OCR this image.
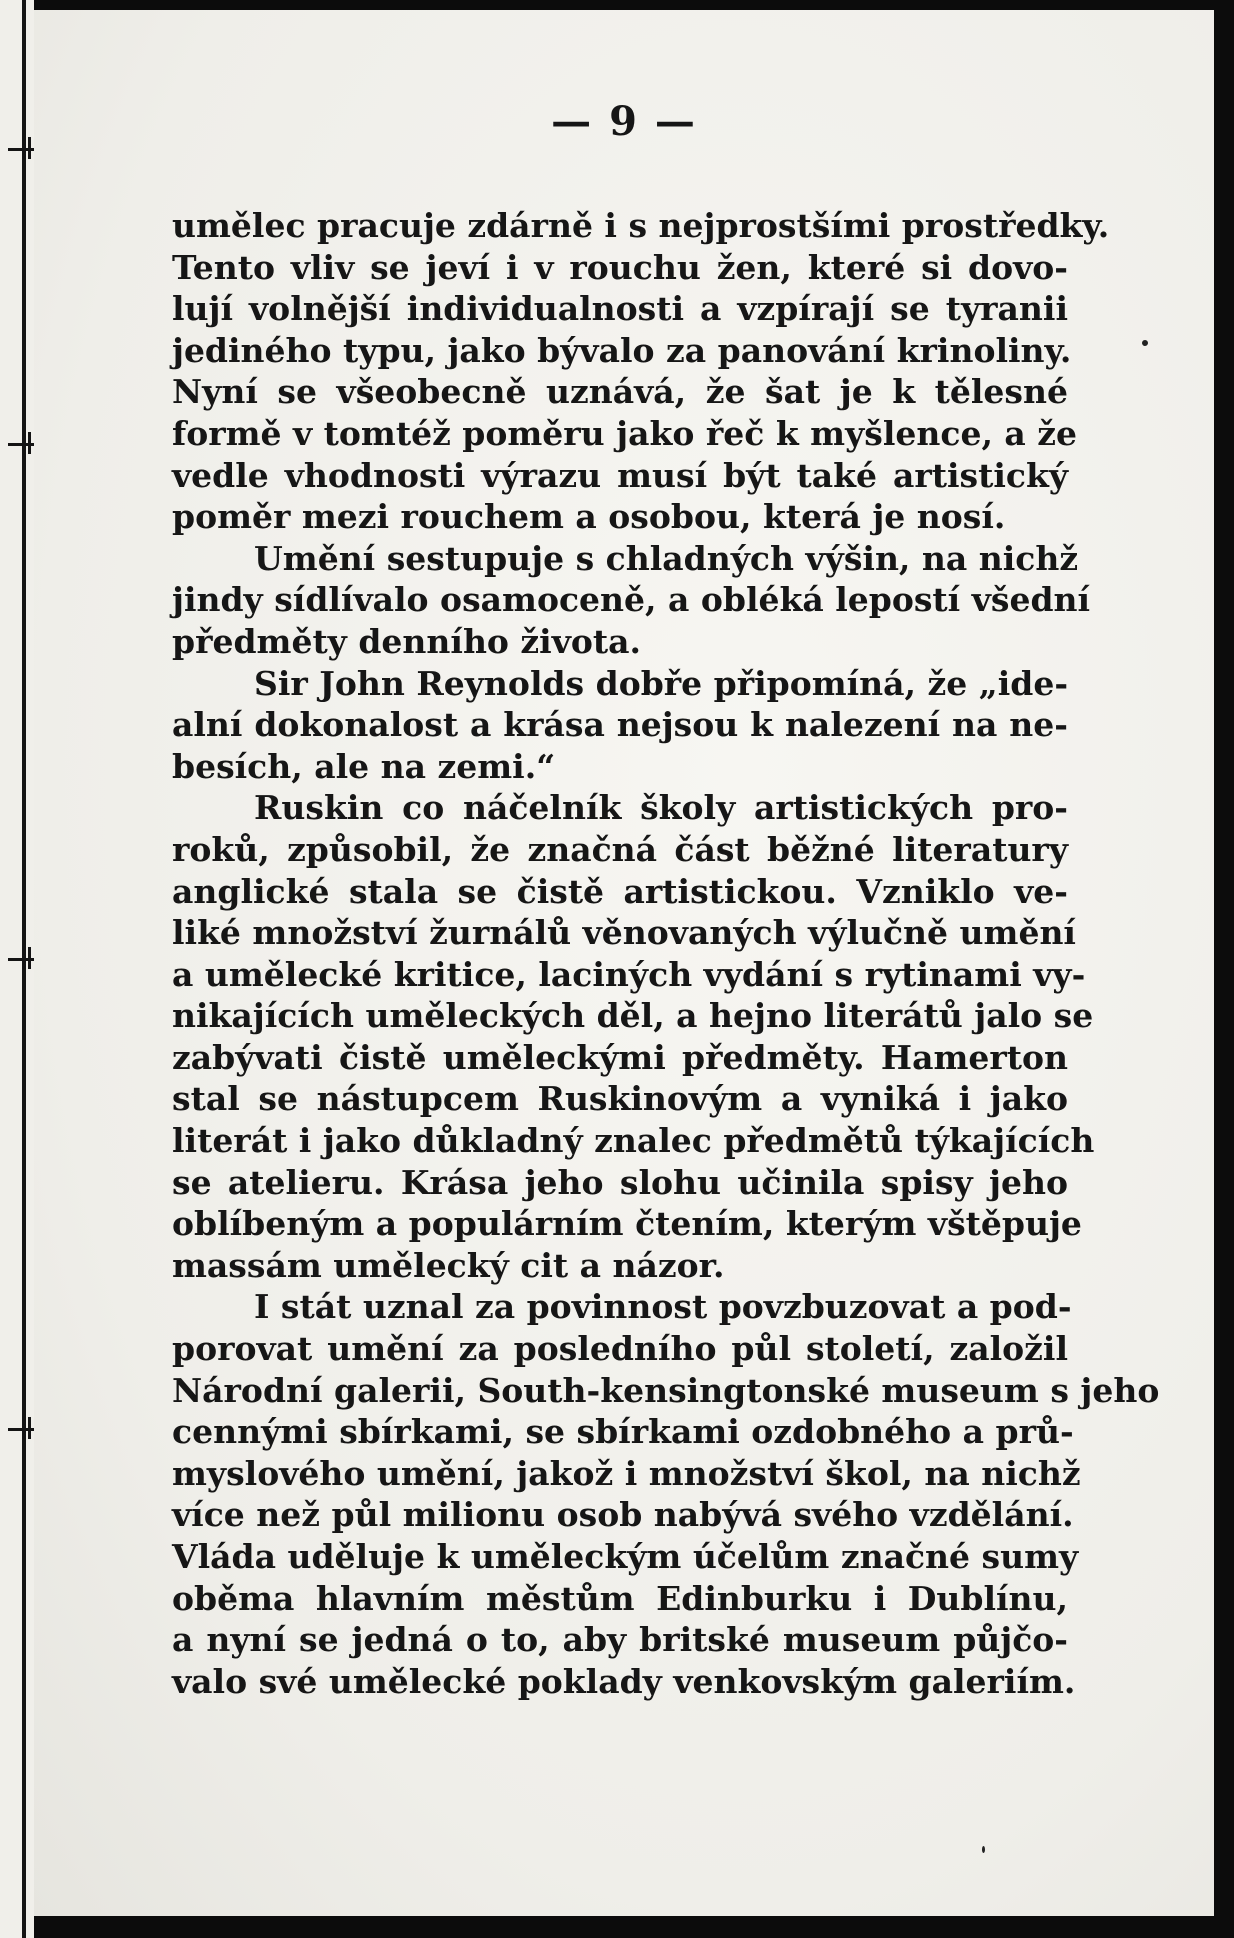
— 9 —
umělec pracuje zdárně i s nejprostšími prostředky.
Tento vliv se jeví i v rouchu žen, které si dovo-
lují volnější individualnosti a vzpírají se tyranii
jediného typu, jako bývalo za panování krinoliny.
Nyní se všeobecně uznává, že šat je k tělesné
formě v tomtéž poměru jako řeč k myšlence, a že
vedle vhodnosti výrazu musí být také artistický
poměr mezi rouchem a osobou, která je nosí.
Umění sestupuje s chladných výšin, na nichž
jindy sídlívalo osamoceně, a obléká lepostí všední
předměty denního života.
Sir John Reynolds dobře připomíná, že „ide-
alní dokonalost a krása nejsou k nalezení na ne-
besích, ale na zemi.“
Ruskin co náčelník školy artistických pro-
roků, způsobil, že značná část běžné literatury
anglické stala se čistě artistickou. Vzniklo ve-
liké množství žurnálů věnovaných výlučně umění
a umělecké kritice, laciných vydání s rytinami vy-
nikajících uměleckých děl, a hejno literátů jalo se
zabývati čistě uměleckými předměty. Hamerton
stal se nástupcem Ruskinovým a vyniká i jako
literát i jako důkladný znalec předmětů týkajících
se atelieru. Krása jeho slohu učinila spisy jeho
oblíbeným a populárním čtením, kterým vštěpuje
massám umělecký cit a názor.
I stát uznal za povinnost povzbuzovat a pod-
porovat umění za posledního půl století, založil
Národní galerii, South-kensingtonské museum s jeho
cennými sbírkami, se sbírkami ozdobného a prů-
myslového umění, jakož i množství škol, na nichž
více než půl milionu osob nabývá svého vzdělání.
Vláda uděluje k uměleckým účelům značné sumy
oběma hlavním městům Edinburku i Dublínu,
a nyní se jedná o to, aby britské museum půjčo-
valo své umělecké poklady venkovským galeriím.
